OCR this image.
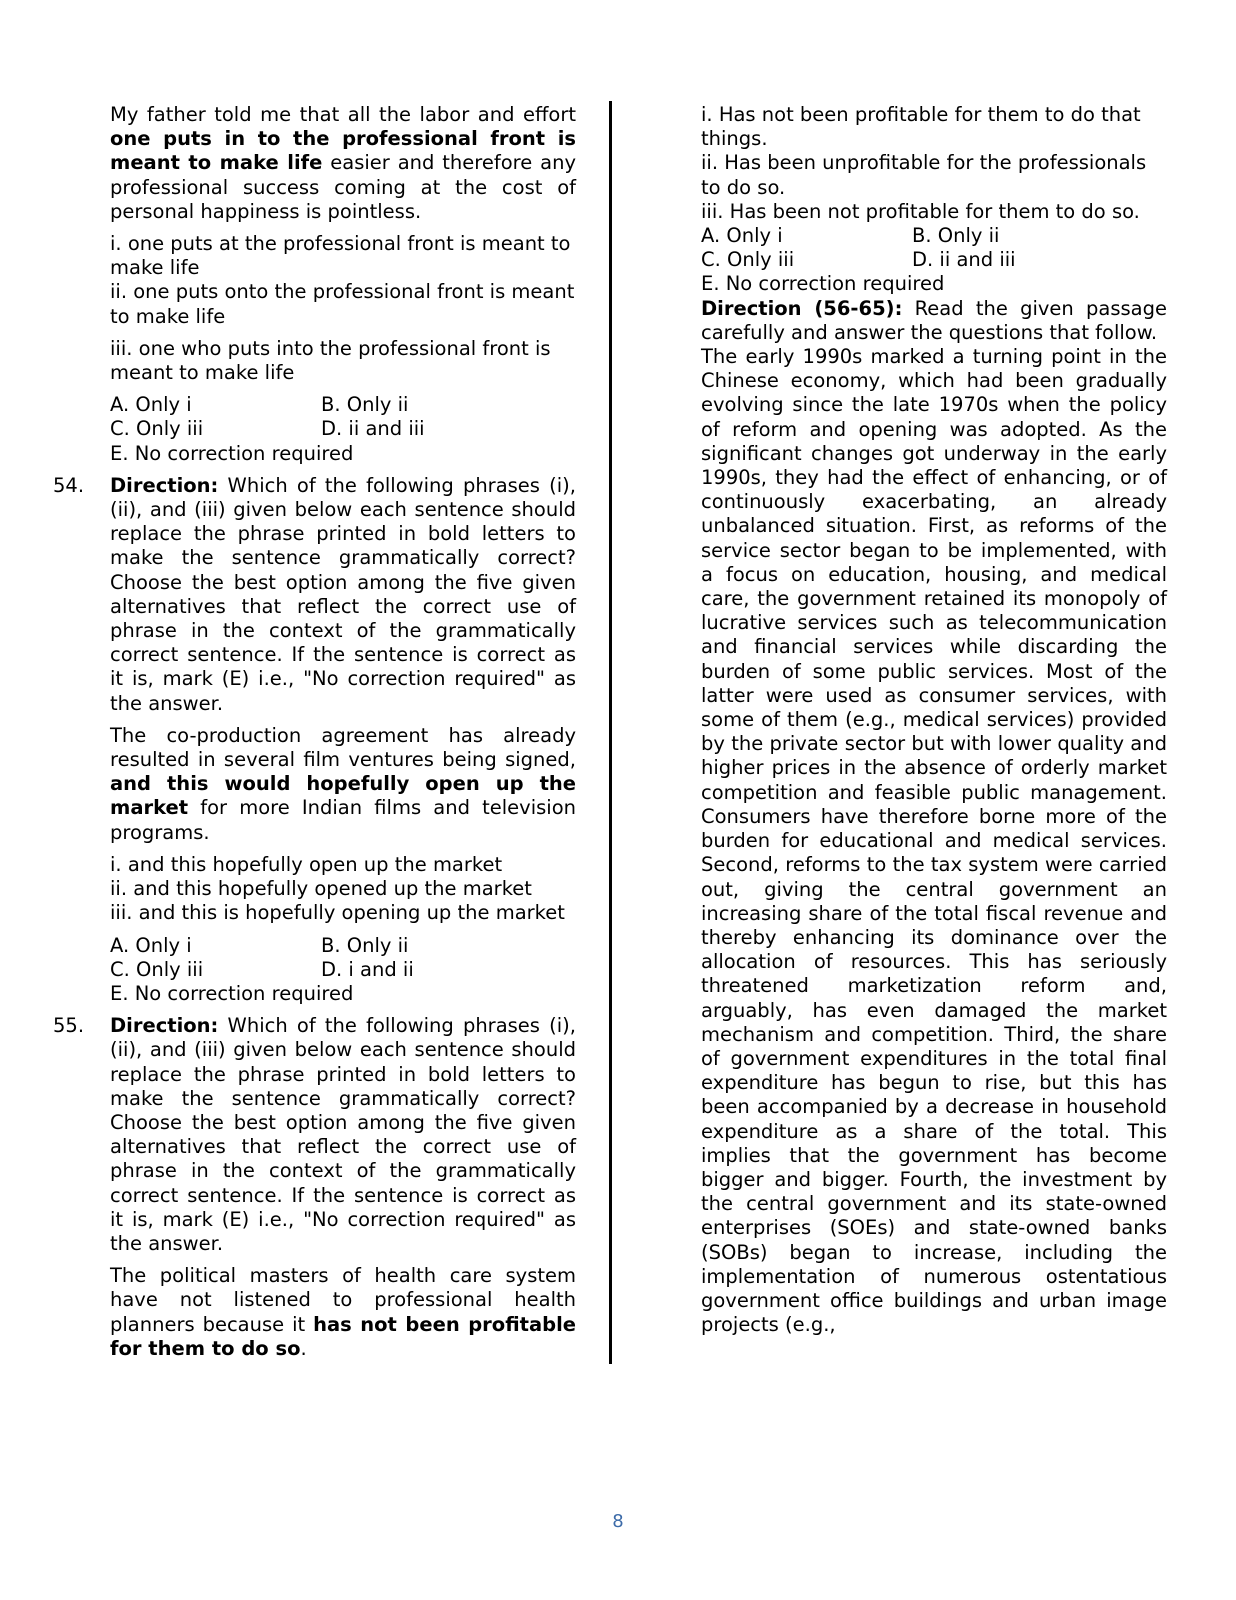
My father told me that all the labor and effort one puts in to the professional front is meant to make life easier and therefore any professional success coming at the cost of personal happiness is pointless.

i. one puts at the professional front is meant to make life

ii. one puts onto the professional front is meant to make life

iii. one who puts into the professional front is meant to make life

A. Only i	B. Only ii
C. Only iii	D. ii and iii

E. No correction required

54. Direction: Which of the following phrases (i), (ii), and (iii) given below each sentence should replace the phrase printed in bold letters to make the sentence grammatically correct? Choose the best option among the five given alternatives that reflect the correct use of phrase in the context of the grammatically correct sentence. If the sentence is correct as it is, mark (E) i.e., "No correction required" as the answer.

The co-production agreement has already resulted in several film ventures being signed, and this would hopefully open up the market for more Indian films and television programs.

i. and this hopefully open up the market

ii. and this hopefully opened up the market

iii. and this is hopefully opening up the market

A. Only i	B. Only ii
C. Only iii	D. i and ii

E. No correction required

55. Direction: Which of the following phrases (i), (ii), and (iii) given below each sentence should replace the phrase printed in bold letters to make the sentence grammatically correct? Choose the best option among the five given alternatives that reflect the correct use of phrase in the context of the grammatically correct sentence. If the sentence is correct as it is, mark (E) i.e., "No correction required" as the answer.

The political masters of health care system have not listened to professional health planners because it has not been profitable for them to do so.

i. Has not been profitable for them to do that things.

ii. Has been unprofitable for the professionals to do so.

iii. Has been not profitable for them to do so.

A. Only i	B. Only ii
C. Only iii	D. ii and iii

E. No correction required

Direction (56-65): Read the given passage carefully and answer the questions that follow.

The early 1990s marked a turning point in the Chinese economy, which had been gradually evolving since the late 1970s when the policy of reform and opening was adopted. As the significant changes got underway in the early 1990s, they had the effect of enhancing, or of continuously exacerbating, an already unbalanced situation. First, as reforms of the service sector began to be implemented, with a focus on education, housing, and medical care, the government retained its monopoly of lucrative services such as telecommunication and financial services while discarding the burden of some public services. Most of the latter were used as consumer services, with some of them (e.g., medical services) provided by the private sector but with lower quality and higher prices in the absence of orderly market competition and feasible public management. Consumers have therefore borne more of the burden for educational and medical services. Second, reforms to the tax system were carried out, giving the central government an increasing share of the total fiscal revenue and thereby enhancing its dominance over the allocation of resources. This has seriously threatened marketization reform and, arguably, has even damaged the market mechanism and competition. Third, the share of government expenditures in the total final expenditure has begun to rise, but this has been accompanied by a decrease in household expenditure as a share of the total. This implies that the government has become bigger and bigger. Fourth, the investment by the central government and its state-owned enterprises (SOEs) and state-owned banks (SOBs) began to increase, including the implementation of numerous ostentatious government office buildings and urban image projects (e.g.,

8
